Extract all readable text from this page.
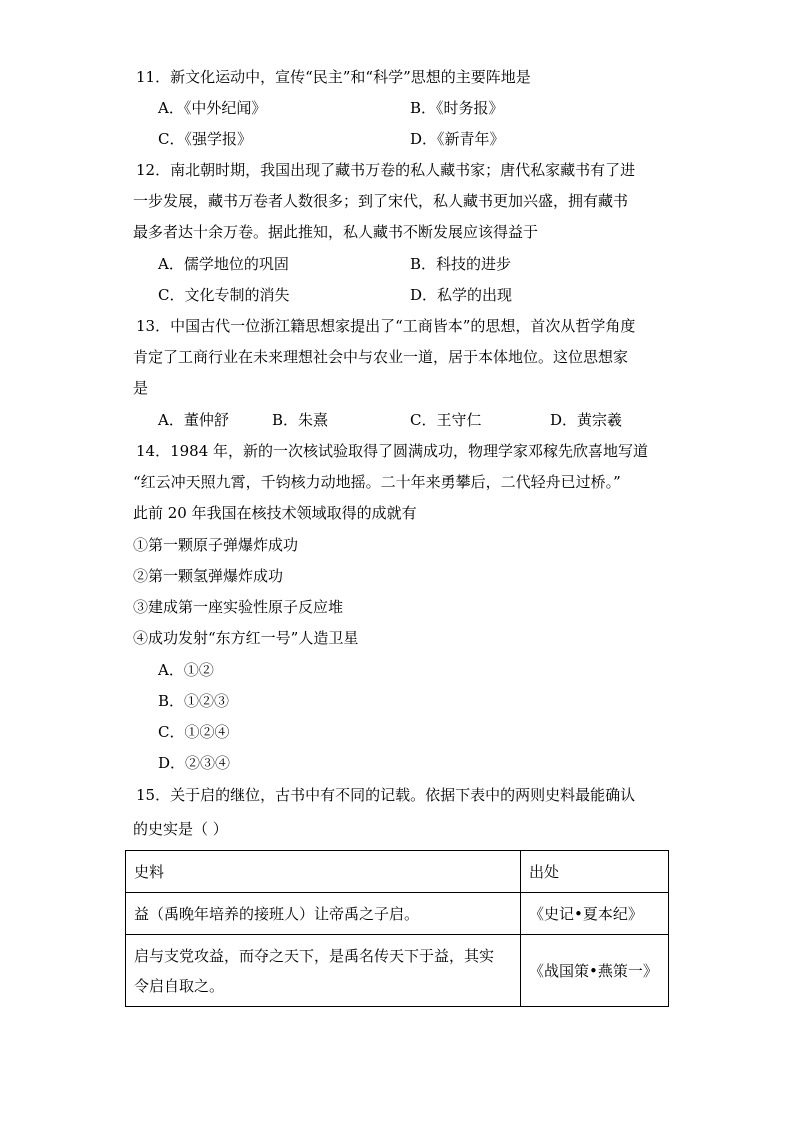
11．新文化运动中，宣传“民主”和“科学”思想的主要阵地是
A．《中外纪闻》	B．《时务报》
C．《强学报》	D．《新青年》
12．南北朝时期，我国出现了藏书万卷的私人藏书家；唐代私家藏书有了进
一步发展，藏书万卷者人数很多；到了宋代，私人藏书更加兴盛，拥有藏书
最多者达十余万卷。据此推知，私人藏书不断发展应该得益于
A．儒学地位的巩固	B．科技的进步
C．文化专制的消失	D．私学的出现
13．中国古代一位浙江籍思想家提出了“工商皆本”的思想，首次从哲学角度
肯定了工商行业在未来理想社会中与农业一道，居于本体地位。这位思想家
是
A．董仲舒	B．朱熹	C．王守仁	D．黄宗羲
14．1984 年，新的一次核试验取得了圆满成功，物理学家邓稼先欣喜地写道
“红云冲天照九霄，千钧核力动地摇。二十年来勇攀后，二代轻舟已过桥。”
此前 20 年我国在核技术领域取得的成就有
①第一颗原子弹爆炸成功
②第一颗氢弹爆炸成功
③建成第一座实验性原子反应堆
④成功发射“东方红一号”人造卫星
A．①②
B．①②③
C．①②④
D．②③④
15．关于启的继位，古书中有不同的记载。依据下表中的两则史料最能确认
的史实是（ ）
史料	出处
益（禹晚年培养的接班人）让帝禹之子启。	《史记•夏本纪》

启与支党攻益，而夺之天下，是禹名传天下于益，其实
令启自取之。	《战国策•燕策一》
